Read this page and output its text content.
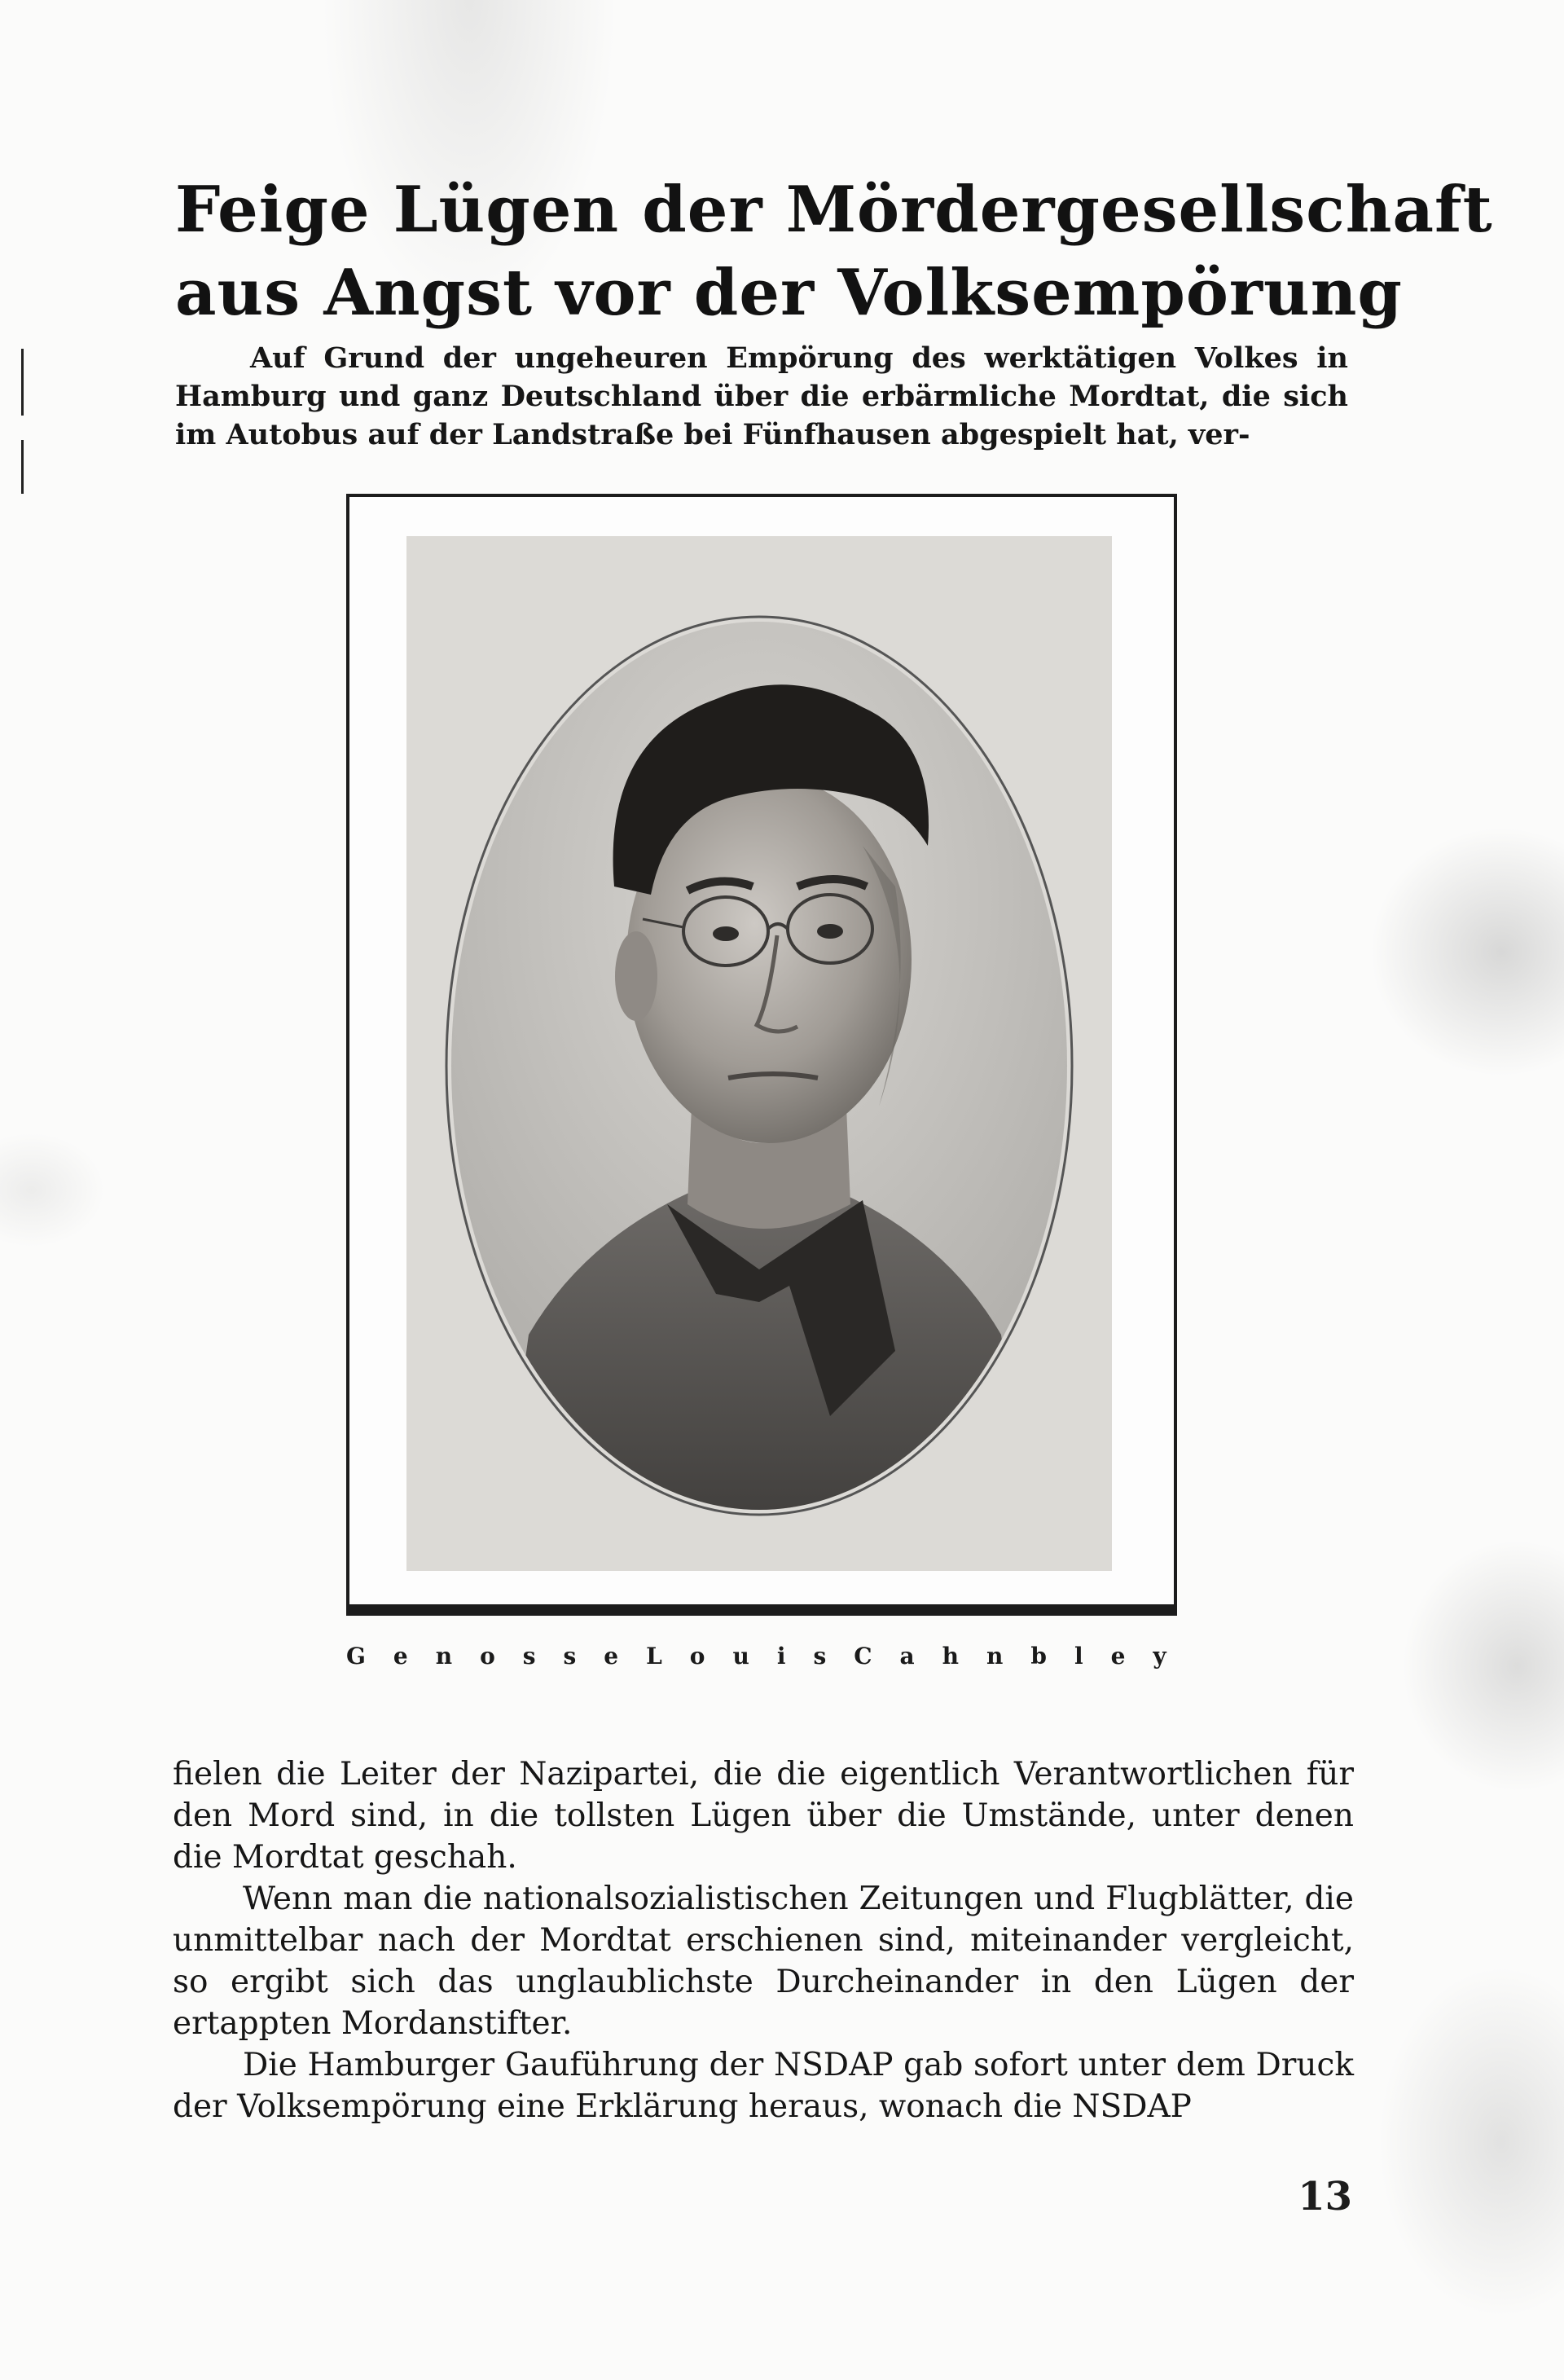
Feige Lügen der Mördergesellschaft
aus Angst vor der Volksempörung

Auf Grund der ungeheuren Empörung des werktätigen Volkes in Hamburg und ganz Deutschland über die erbärmliche Mordtat, die sich im Autobus auf der Landstraße bei Fünfhausen abgespielt hat, ver-

Genosse Louis Cahnbley

fielen die Leiter der Nazipartei, die die eigentlich Verantwortlichen für den Mord sind, in die tollsten Lügen über die Umstände, unter denen die Mordtat geschah.

Wenn man die nationalsozialistischen Zeitungen und Flugblätter, die unmittelbar nach der Mordtat erschienen sind, miteinander vergleicht, so ergibt sich das unglaublichste Durcheinander in den Lügen der ertappten Mordanstifter.

Die Hamburger Gauführung der NSDAP gab sofort unter dem Druck der Volksempörung eine Erklärung heraus, wonach die NSDAP

13
